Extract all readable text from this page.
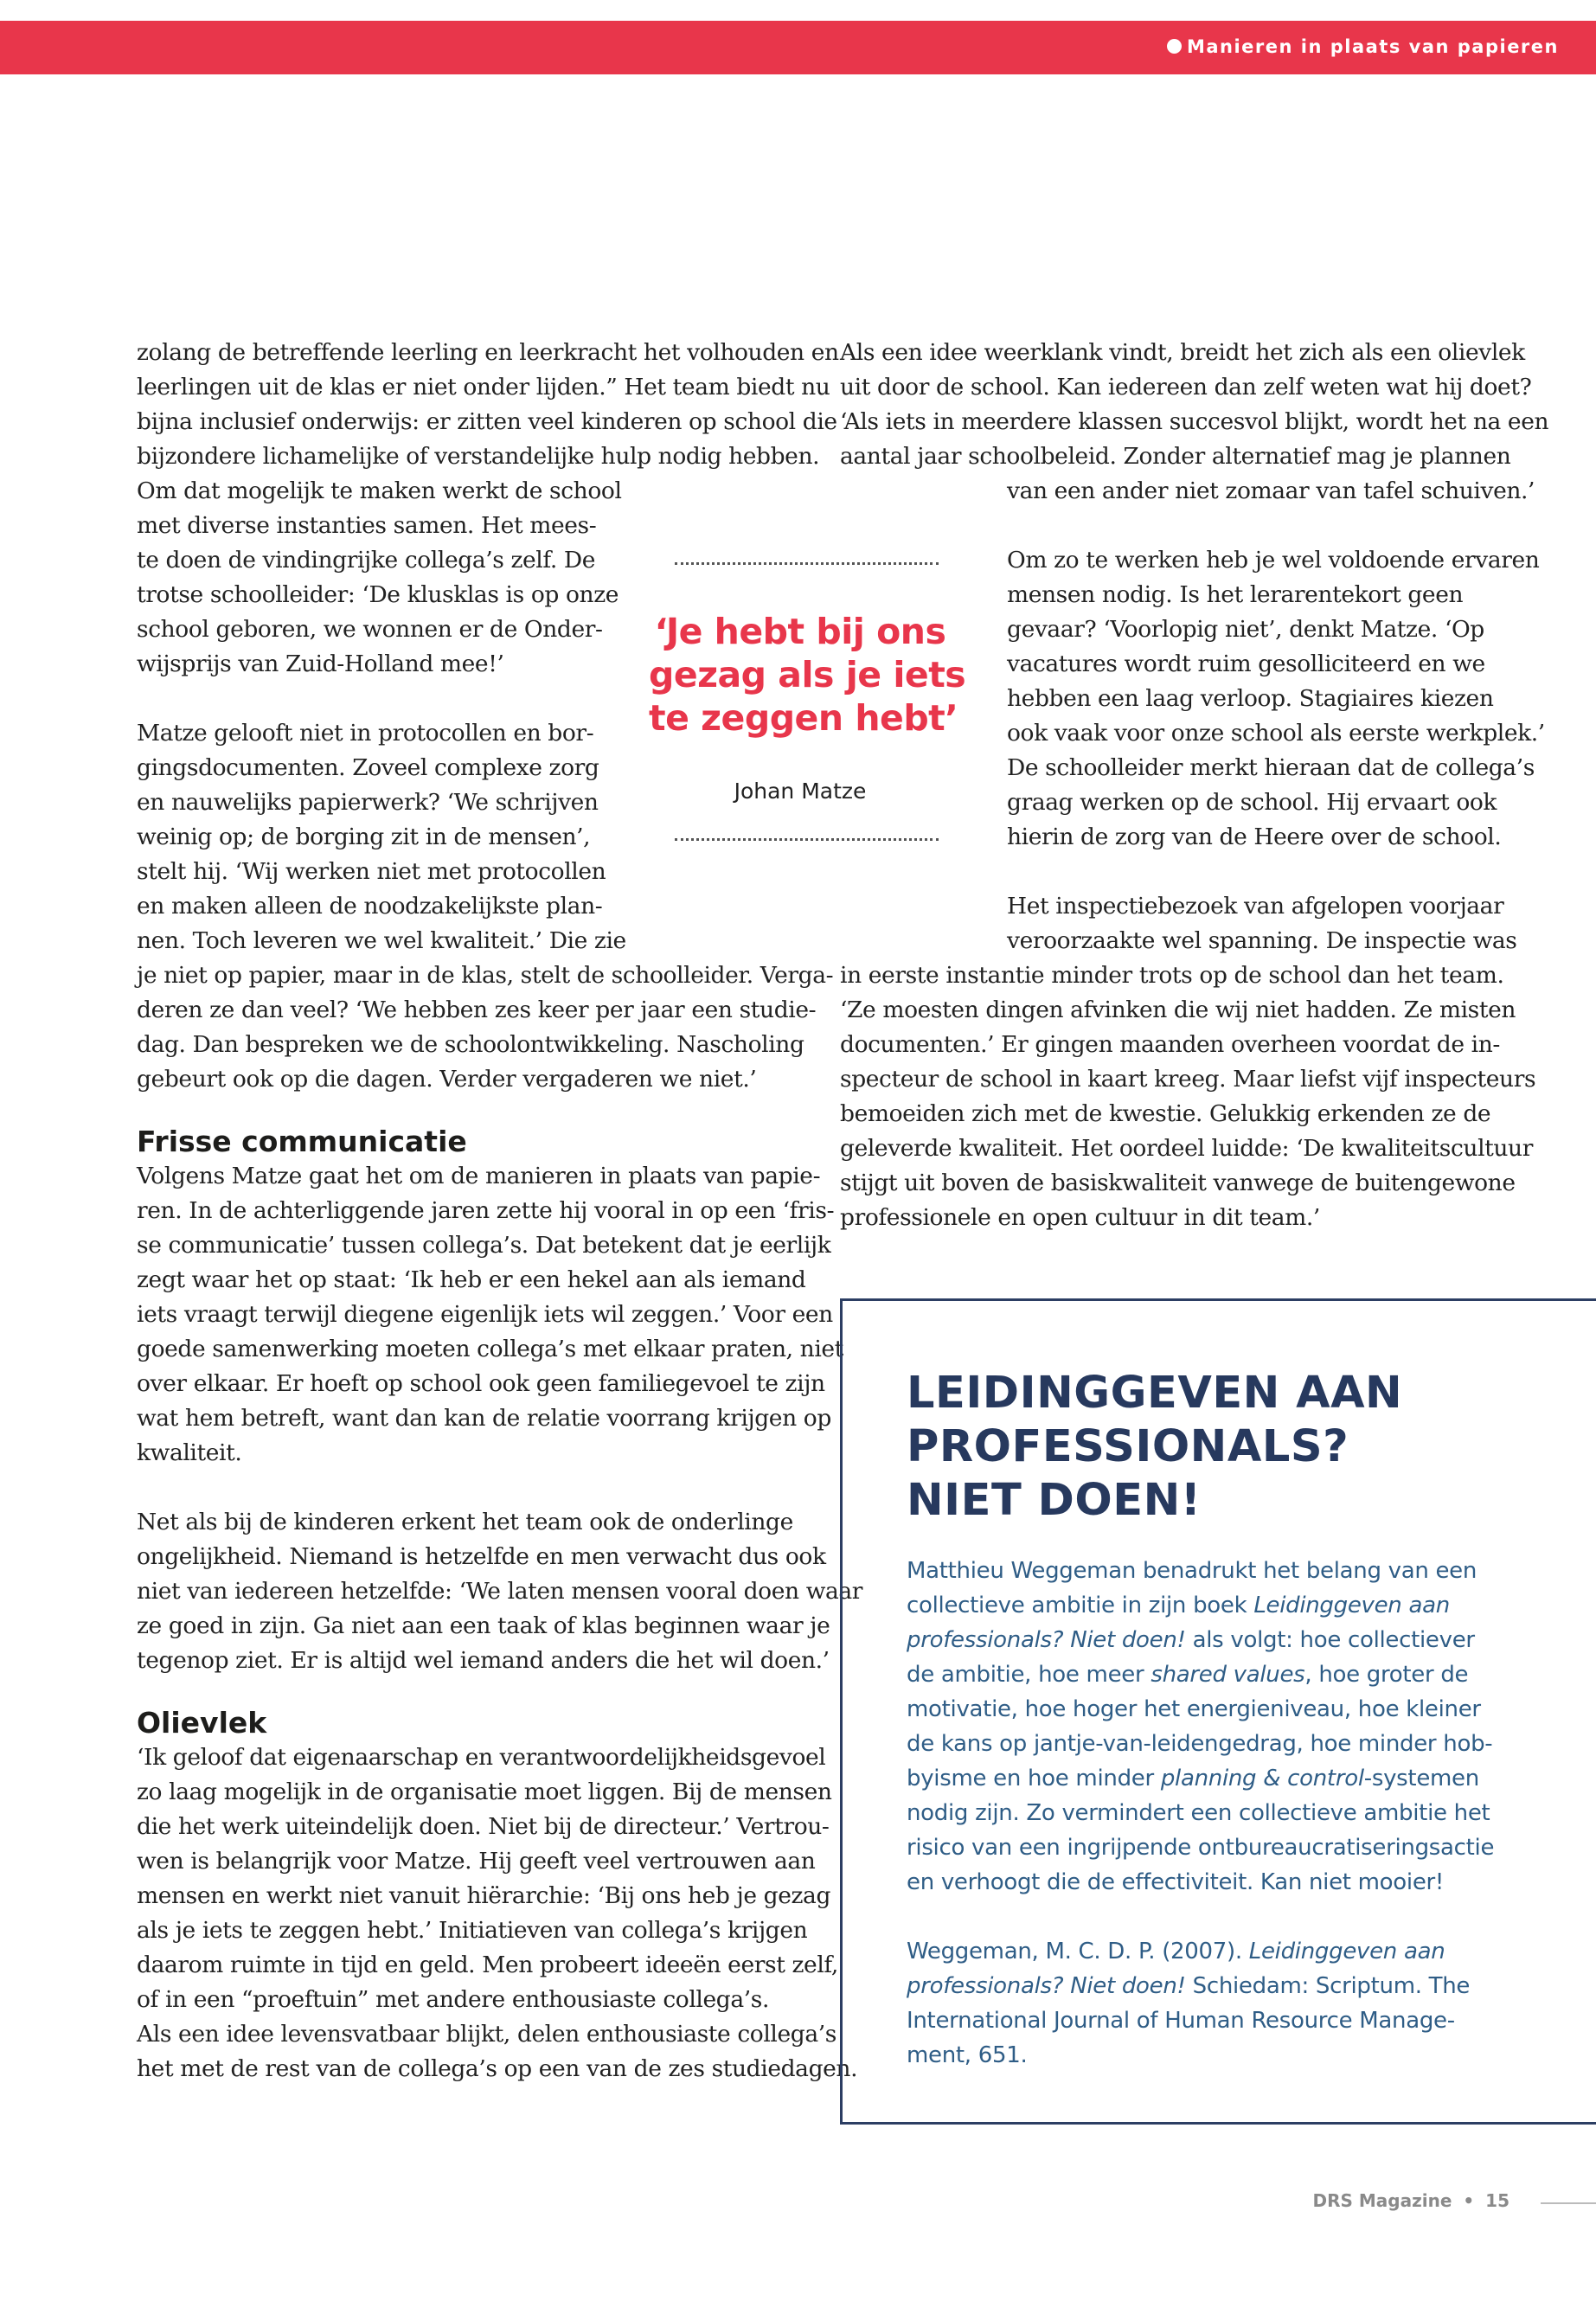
Manieren in plaats van papieren

zolang de betreffende leerling en leerkracht het volhouden en

leerlingen uit de klas er niet onder lijden.” Het team biedt nu

bijna inclusief onderwijs: er zitten veel kinderen op school die

bijzondere lichamelijke of verstandelijke hulp nodig hebben.

Om dat mogelijk te maken werkt de school

met diverse instanties samen. Het mees-

te doen de vindingrijke collega’s zelf. De

trotse schoolleider: ‘De klusklas is op onze

school geboren, we wonnen er de Onder-

wijsprijs van Zuid-Holland mee!’

Matze gelooft niet in protocollen en bor-

gingsdocumenten. Zoveel complexe zorg

en nauwelijks papierwerk? ‘We schrijven

weinig op; de borging zit in de mensen’,

stelt hij. ‘Wij werken niet met protocollen

en maken alleen de noodzakelijkste plan-

nen. Toch leveren we wel kwaliteit.’ Die zie

je niet op papier, maar in de klas, stelt de schoolleider. Verga-

deren ze dan veel? ‘We hebben zes keer per jaar een studie-

dag. Dan bespreken we de schoolontwikkeling. Nascholing

gebeurt ook op die dagen. Verder vergaderen we niet.’

Frisse communicatie

Volgens Matze gaat het om de manieren in plaats van papie-

ren. In de achterliggende jaren zette hij vooral in op een ‘fris-

se communicatie’ tussen collega’s. Dat betekent dat je eerlijk

zegt waar het op staat: ‘Ik heb er een hekel aan als iemand

iets vraagt terwijl diegene eigenlijk iets wil zeggen.’ Voor een

goede samenwerking moeten collega’s met elkaar praten, niet

over elkaar. Er hoeft op school ook geen familiegevoel te zijn

wat hem betreft, want dan kan de relatie voorrang krijgen op

kwaliteit.

Net als bij de kinderen erkent het team ook de onderlinge

ongelijkheid. Niemand is hetzelfde en men verwacht dus ook

niet van iedereen hetzelfde: ‘We laten mensen vooral doen waar

ze goed in zijn. Ga niet aan een taak of klas beginnen waar je

tegenop ziet. Er is altijd wel iemand anders die het wil doen.’

Olievlek

‘Ik geloof dat eigenaarschap en verantwoordelijkheidsgevoel

zo laag mogelijk in de organisatie moet liggen. Bij de mensen

die het werk uiteindelijk doen. Niet bij de directeur.’ Vertrou-

wen is belangrijk voor Matze. Hij geeft veel vertrouwen aan

mensen en werkt niet vanuit hiërarchie: ‘Bij ons heb je gezag

als je iets te zeggen hebt.’ Initiatieven van collega’s krijgen

daarom ruimte in tijd en geld. Men probeert ideeën eerst zelf,

of in een “proeftuin” met andere enthousiaste collega’s.

Als een idee levensvatbaar blijkt, delen enthousiaste collega’s

het met de rest van de collega’s op een van de zes studiedagen.

‘Je hebt bij ons
gezag als je iets
te zeggen hebt’
Johan Matze

Als een idee weerklank vindt, breidt het zich als een olievlek

uit door de school. Kan iedereen dan zelf weten wat hij doet?

‘Als iets in meerdere klassen succesvol blijkt, wordt het na een

aantal jaar schoolbeleid. Zonder alternatief mag je plannen

van een ander niet zomaar van tafel schuiven.’

Om zo te werken heb je wel voldoende ervaren

mensen nodig. Is het lerarentekort geen

gevaar? ‘Voorlopig niet’, denkt Matze. ‘Op

vacatures wordt ruim gesolliciteerd en we

hebben een laag verloop. Stagiaires kiezen

ook vaak voor onze school als eerste werkplek.’

De schoolleider merkt hieraan dat de collega’s

graag werken op de school. Hij ervaart ook

hierin de zorg van de Heere over de school.

Het inspectiebezoek van afgelopen voorjaar

veroorzaakte wel spanning. De inspectie was

in eerste instantie minder trots op de school dan het team.

‘Ze moesten dingen afvinken die wij niet hadden. Ze misten

documenten.’ Er gingen maanden overheen voordat de in-

specteur de school in kaart kreeg. Maar liefst vijf inspecteurs

bemoeiden zich met de kwestie. Gelukkig erkenden ze de

geleverde kwaliteit. Het oordeel luidde: ‘De kwaliteitscultuur

stijgt uit boven de basiskwaliteit vanwege de buitengewone

professionele en open cultuur in dit team.’

LEIDINGGEVEN AAN
PROFESSIONALS?
NIET DOEN!

Matthieu Weggeman benadrukt het belang van een

collectieve ambitie in zijn boek Leidinggeven aan

professionals? Niet doen! als volgt: hoe collectiever

de ambitie, hoe meer shared values, hoe groter de

motivatie, hoe hoger het energieniveau, hoe kleiner

de kans op jantje-van-leidengedrag, hoe minder hob-

byisme en hoe minder planning & control-systemen

nodig zijn. Zo vermindert een collectieve ambitie het

risico van een ingrijpende ontbureaucratiseringsactie

en verhoogt die de effectiviteit. Kan niet mooier!

Weggeman, M. C. D. P. (2007). Leidinggeven aan

professionals? Niet doen! Schiedam: Scriptum. The

International Journal of Human Resource Manage-

ment, 651.

DRS Magazine • 15
